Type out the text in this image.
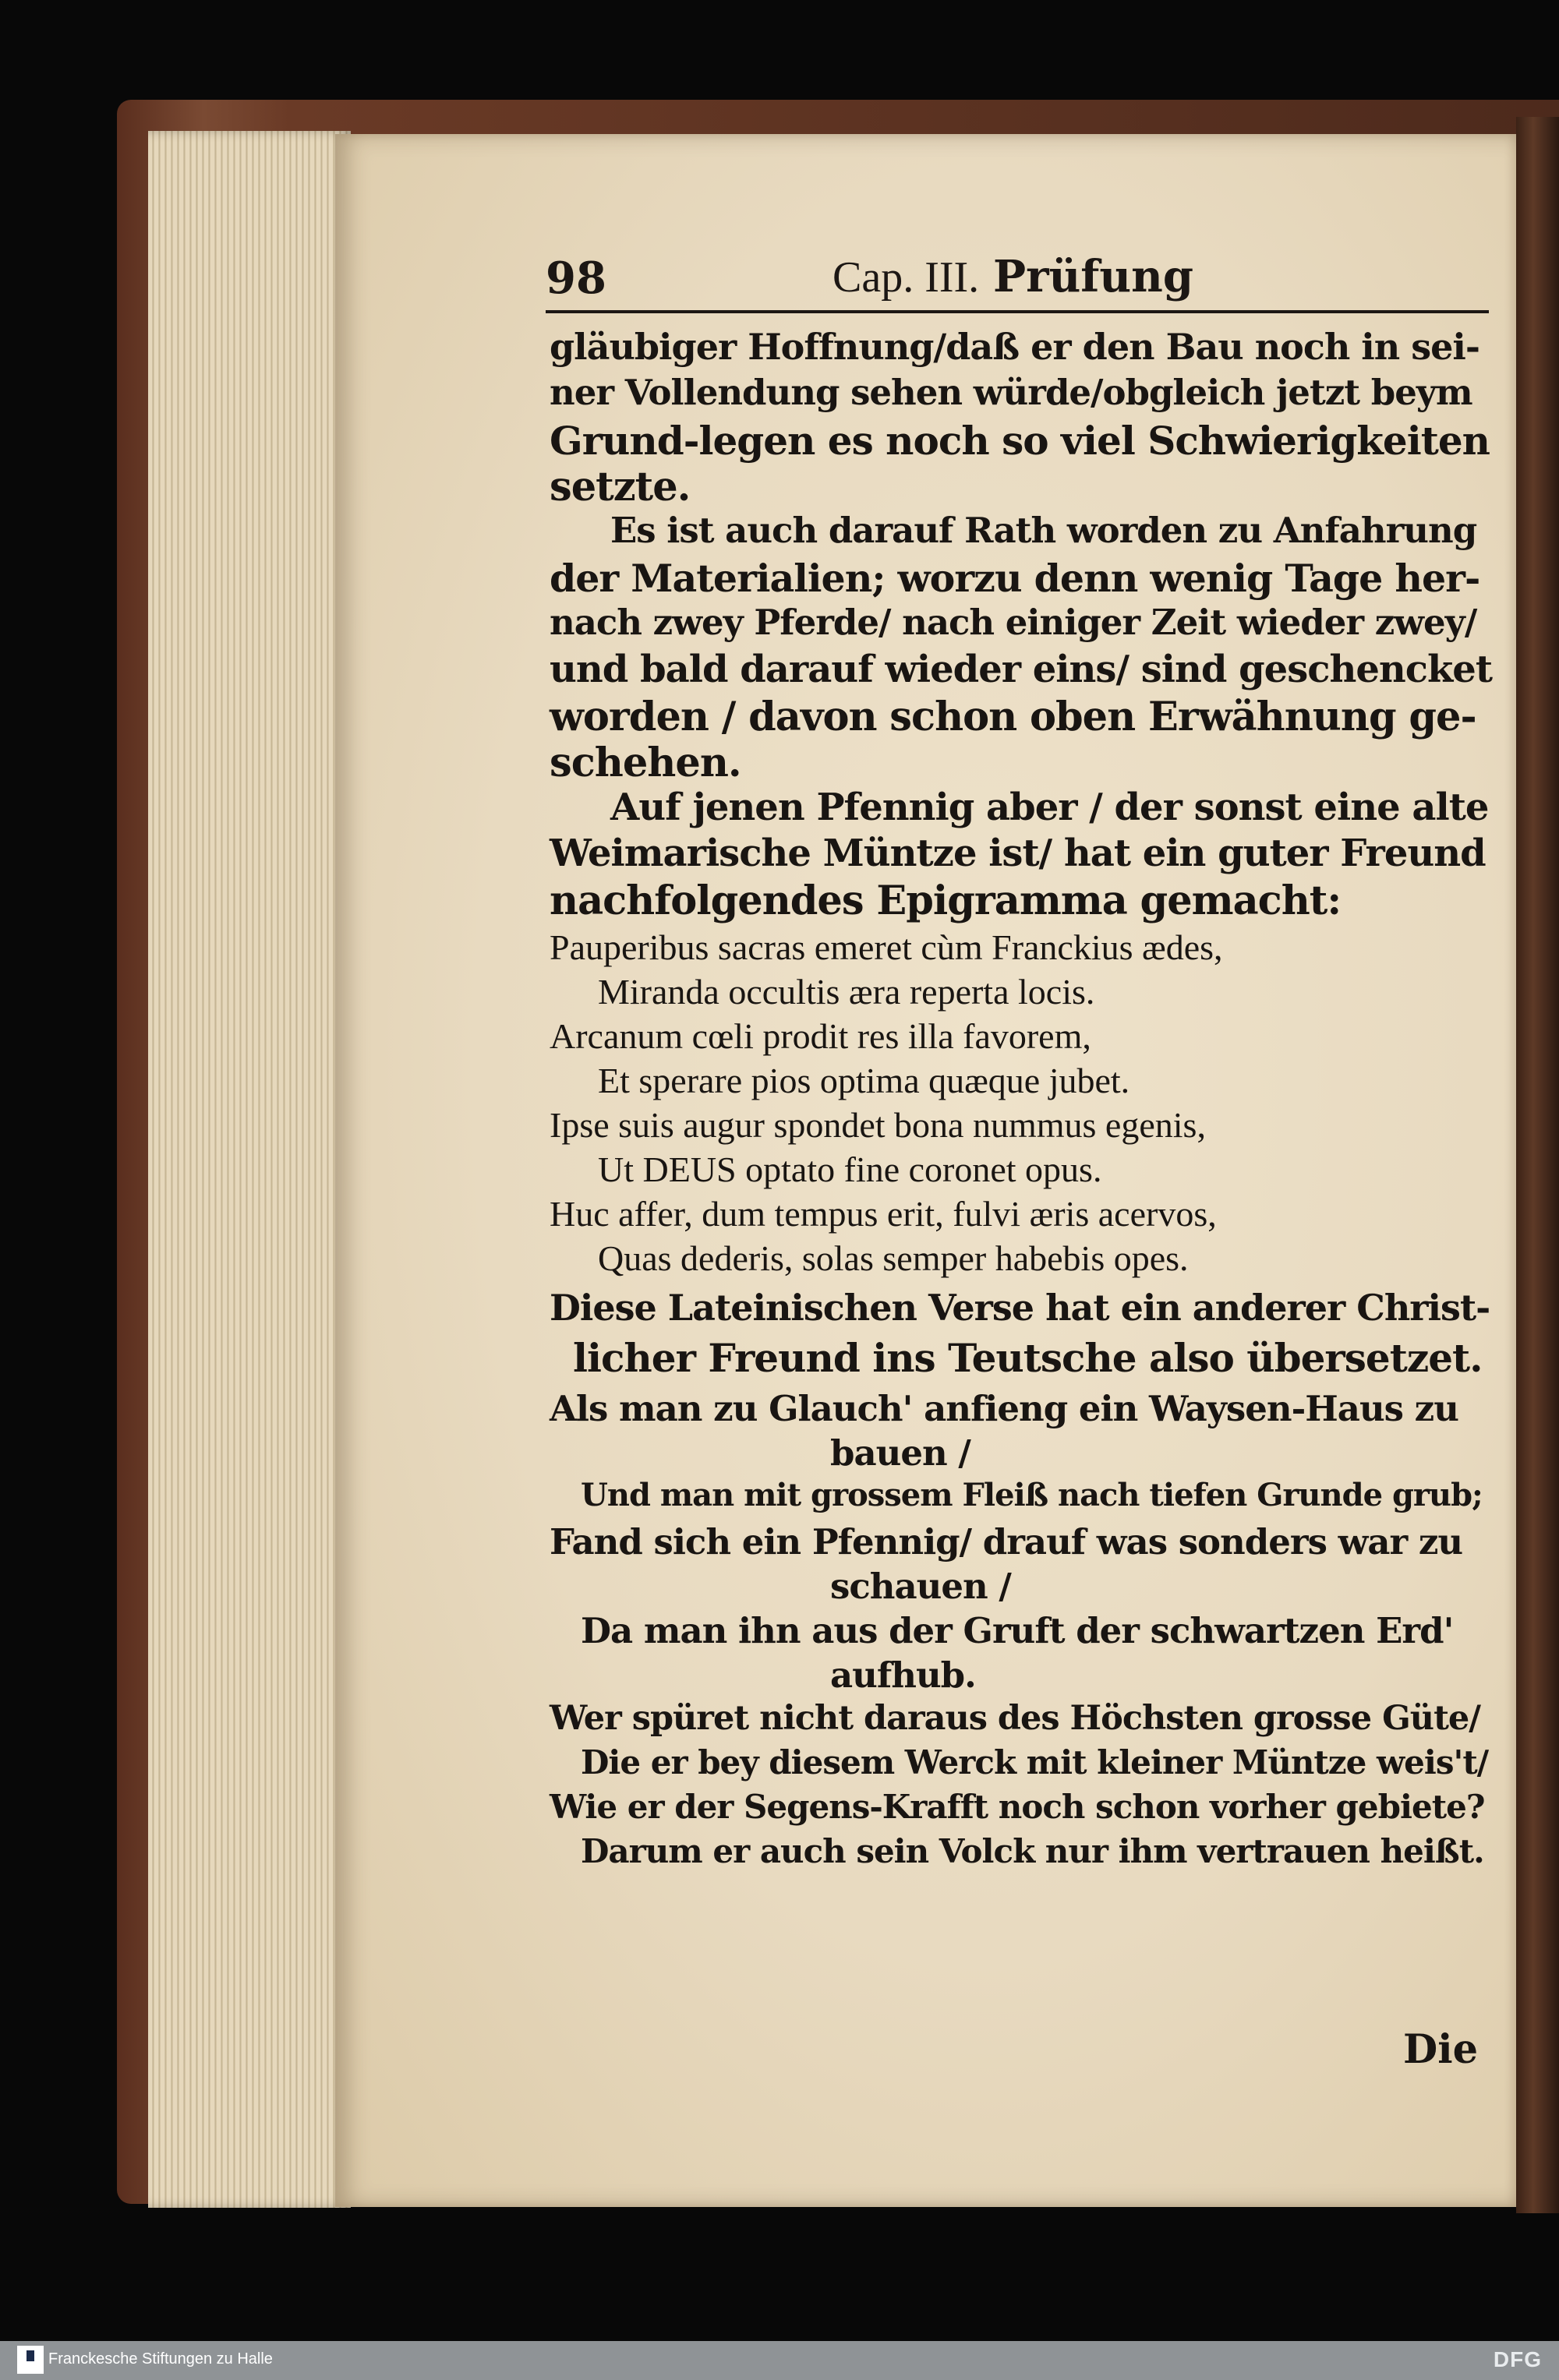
98	Cap. III. Prüfung
gläubiger Hoffnung/daß er den Bau noch in sei-
ner Vollendung sehen würde/obgleich jetzt beym
Grund-legen es noch so viel Schwierigkeiten
setzte.
Es ist auch darauf Rath worden zu Anfahrung
der Materialien; worzu denn wenig Tage her-
nach zwey Pferde/ nach einiger Zeit wieder zwey/
und bald darauf wieder eins/ sind geschencket
worden / davon schon oben Erwähnung ge-
schehen.
Auf jenen Pfennig aber / der sonst eine alte
Weimarische Müntze ist/ hat ein guter Freund
nachfolgendes Epigramma gemacht:
Pauperibus sacras emeret cùm Franckius ædes,
Miranda occultis æra reperta locis.
Arcanum cœli prodit res illa favorem,
Et sperare pios optima quæque jubet.
Ipse suis augur spondet bona nummus egenis,
Ut DEUS optato fine coronet opus.
Huc affer, dum tempus erit, fulvi æris acervos,
Quas dederis, solas semper habebis opes.
Diese Lateinischen Verse hat ein anderer Christ-
licher Freund ins Teutsche also übersetzet.
Als man zu Glauch' anfieng ein Waysen-Haus zu
bauen /
Und man mit grossem Fleiß nach tiefen Grunde grub;
Fand sich ein Pfennig/ drauf was sonders war zu
schauen /
Da man ihn aus der Gruft der schwartzen Erd'
aufhub.
Wer spüret nicht daraus des Höchsten grosse Güte/
Die er bey diesem Werck mit kleiner Müntze weis't/
Wie er der Segens-Krafft noch schon vorher gebiete?
Darum er auch sein Volck nur ihm vertrauen heißt.
Die
Franckesche Stiftungen zu Halle	DFG
